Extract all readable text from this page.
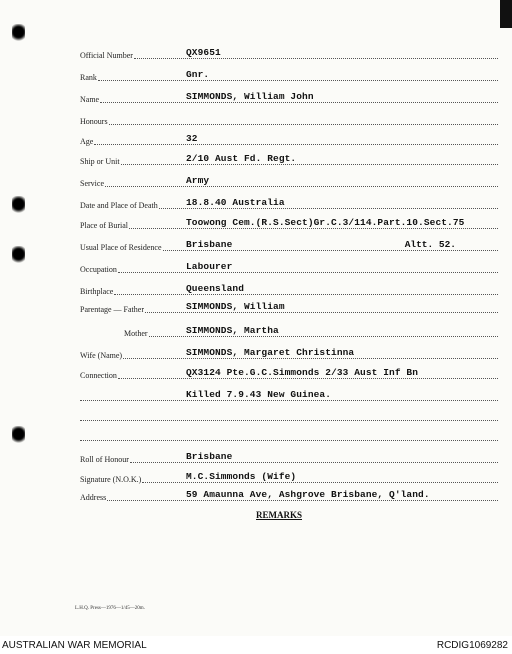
Official Number	QX9651
Rank	Gnr.
Name	SIMMONDS, William John
Honours
Age	32
Ship or Unit	2/10 Aust Fd. Regt.
Service	Army
Date and Place of Death	18.8.40 Australia
Place of Burial	Toowong Cem.(R.S.Sect)Gr.C.3/114.Part.10.Sect.75
Usual Place of Residence	Brisbane	Altt. 52.
Occupation	Labourer
Birthplace	Queensland
Parentage — Father	SIMMONDS, William
Mother	SIMMONDS, Martha
Wife (Name)	SIMMONDS, Margaret Christinna
Connection	QX3124 Pte.G.C.Simmonds 2/33 Aust Inf Bn
Killed 7.9.43 New Guinea.
Roll of Honour	Brisbane
Signature (N.O.K.)	M.C.Simmonds (Wife)
Address	59 Amaunna Ave, Ashgrove Brisbane, Q'land.
REMARKS
L.H.Q. Press—1976—1/45—20m.
AUSTRALIAN WAR MEMORIAL	RCDIG1069282
